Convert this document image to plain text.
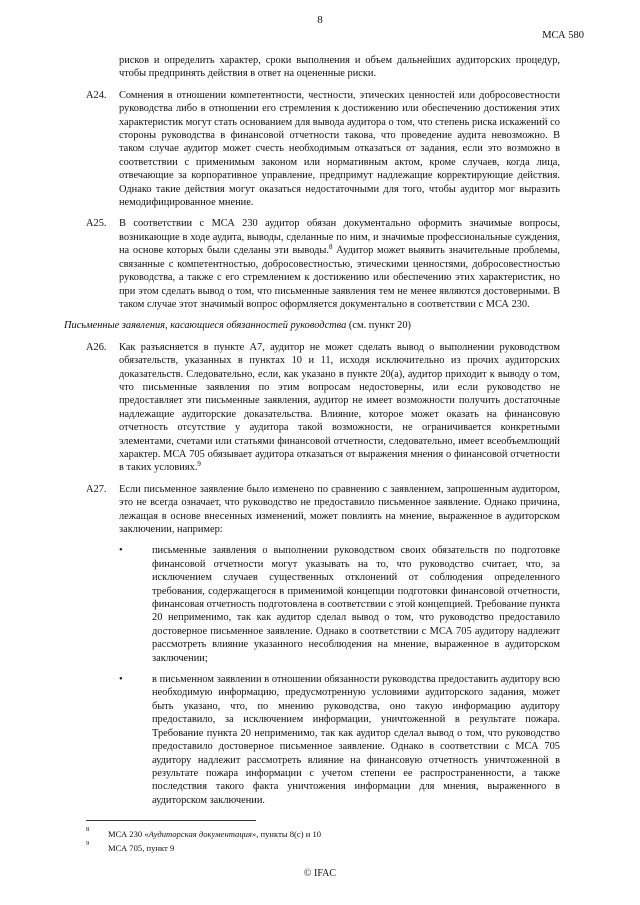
8
МСА 580
рисков и определить характер, сроки выполнения и объем дальнейших аудиторских процедур, чтобы предпринять действия в ответ на оцененные риски.
A24. Сомнения в отношении компетентности, честности, этических ценностей или добросовестности руководства либо в отношении его стремления к достижению или обеспечению достижения этих характеристик могут стать основанием для вывода аудитора о том, что степень риска искажений со стороны руководства в финансовой отчетности такова, что проведение аудита невозможно. В таком случае аудитор может счесть необходимым отказаться от задания, если это возможно в соответствии с применимым законом или нормативным актом, кроме случаев, когда лица, отвечающие за корпоративное управление, предпримут надлежащие корректирующие действия. Однако такие действия могут оказаться недостаточными для того, чтобы аудитор мог выразить немодифицированное мнение.
A25. В соответствии с МСА 230 аудитор обязан документально оформить значимые вопросы, возникающие в ходе аудита, выводы, сделанные по ним, и значимые профессиональные суждения, на основе которых были сделаны эти выводы.$^8$ Аудитор может выявить значительные проблемы, связанные с компетентностью, добросовестностью, этическими ценностями, добросовестностью руководства, а также с его стремлением к достижению или обеспечению этих характеристик, но при этом сделать вывод о том, что письменные заявления тем не менее являются достоверными. В таком случае этот значимый вопрос оформляется документально в соответствии с МСА 230.
Письменные заявления, касающиеся обязанностей руководства (см. пункт 20)
A26. Как разъясняется в пункте A7, аудитор не может сделать вывод о выполнении руководством обязательств, указанных в пунктах 10 и 11, исходя исключительно из прочих аудиторских доказательств. Следовательно, если, как указано в пункте 20(a), аудитор приходит к выводу о том, что письменные заявления по этим вопросам недостоверны, или если руководство не предоставляет эти письменные заявления, аудитор не имеет возможности получить достаточные надлежащие аудиторские доказательства. Влияние, которое может оказать на финансовую отчетность отсутствие у аудитора такой возможности, не ограничивается конкретными элементами, счетами или статьями финансовой отчетности, следовательно, имеет всеобъемлющий характер. МСА 705 обязывает аудитора отказаться от выражения мнения о финансовой отчетности в таких условиях.$^9$
A27. Если письменное заявление было изменено по сравнению с заявлением, запрошенным аудитором, это не всегда означает, что руководство не предоставило письменное заявление. Однако причина, лежащая в основе внесенных изменений, может повлиять на мнение, выраженное в аудиторском заключении, например:
•	письменные заявления о выполнении руководством своих обязательств по подготовке финансовой отчетности могут указывать на то, что руководство считает, что, за исключением случаев существенных отклонений от соблюдения определенного требования, содержащегося в применимой концепции подготовки финансовой отчетности, финансовая отчетность подготовлена в соответствии с этой концепцией. Требование пункта 20 неприменимо, так как аудитор сделал вывод о том, что руководство предоставило достоверное письменное заявление. Однако в соответствии с МСА 705 аудитору надлежит рассмотреть влияние указанного несоблюдения на мнение, выраженное в аудиторском заключении;
•	в письменном заявлении в отношении обязанности руководства предоставить аудитору всю необходимую информацию, предусмотренную условиями аудиторского задания, может быть указано, что, по мнению руководства, оно такую информацию аудитору предоставило, за исключением информации, уничтоженной в результате пожара. Требование пункта 20 неприменимо, так как аудитор сделал вывод о том, что руководство предоставило достоверное письменное заявление. Однако в соответствии с МСА 705 аудитору надлежит рассмотреть влияние на финансовую отчетность уничтоженной в результате пожара информации с учетом степени ее распространенности, а также последствия такого факта уничтожения информации для мнения, выраженного в аудиторском заключении.
8 МСА 230 «Аудиторская документация», пункты 8(c) и 10
9 МСА 705, пункт 9
© IFAC
